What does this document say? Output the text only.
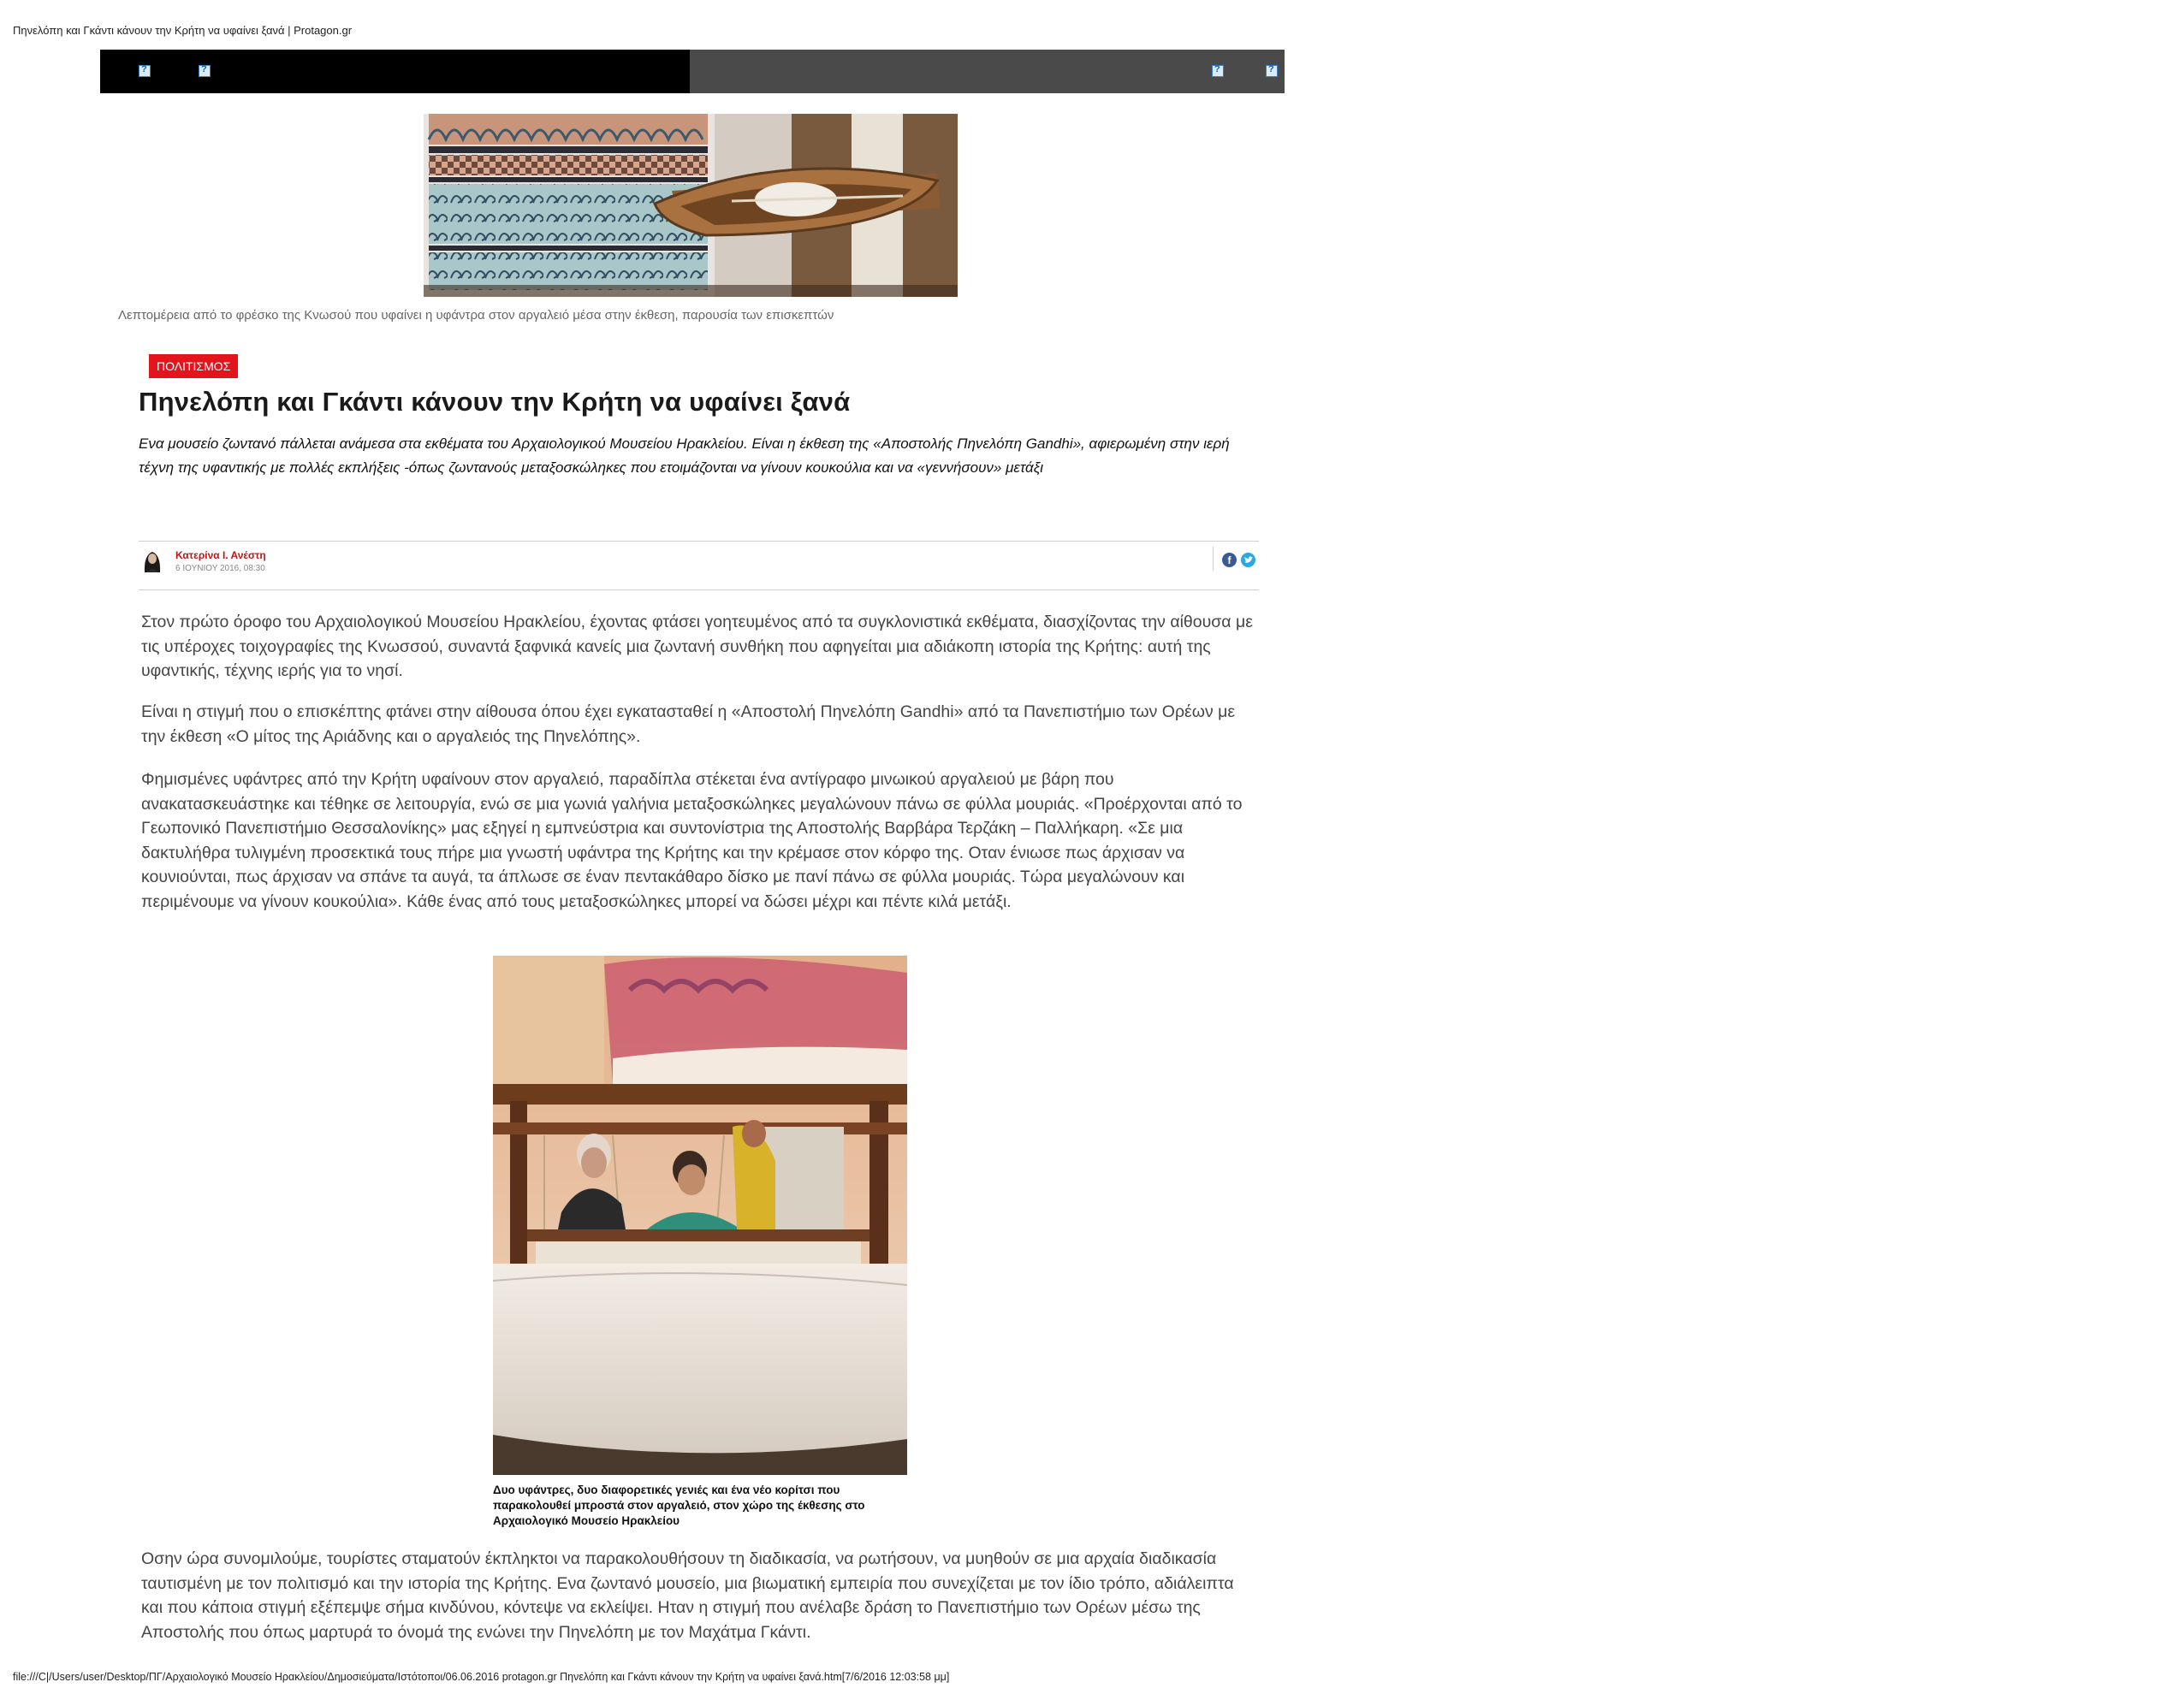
Πηνελόπη και Γκάντι κάνουν την Κρήτη να υφαίνει ξανά | Protagon.gr
?
?
?
?
Λεπτομέρεια από το φρέσκο της Κνωσού που υφαίνει η υφάντρα στον αργαλειό μέσα στην έκθεση, παρουσία των επισκεπτών
ΠΟΛΙΤΙΣΜΟΣ
Πηνελόπη και Γκάντι κάνουν την Κρήτη να υφαίνει ξανά
Ενα μουσείο ζωντανό πάλλεται ανάμεσα στα εκθέματα του Αρχαιολογικού Μουσείου Ηρακλείου. Είναι η έκθεση της «Αποστολής Πηνελόπη Gandhi», αφιερωμένη στην ιερή τέχνη της υφαντικής με πολλές εκπλήξεις -όπως ζωντανούς μεταξοσκώληκες που ετοιμάζονται να γίνουν κουκούλια και να «γεννήσουν» μετάξι
Κατερίνα Ι. Ανέστη
6 ΙΟΥΝΙΟΥ 2016, 08:30
f
Στον πρώτο όροφο του Αρχαιολογικού Μουσείου Ηρακλείου, έχοντας φτάσει γοητευμένος από τα συγκλονιστικά εκθέματα, διασχίζοντας την αίθουσα με τις υπέροχες τοιχογραφίες της Κνωσσού, συναντά ξαφνικά κανείς μια ζωντανή συνθήκη που αφηγείται μια αδιάκοπη ιστορία της Κρήτης: αυτή της υφαντικής, τέχνης ιερής για το νησί.
Είναι η στιγμή που ο επισκέπτης φτάνει στην αίθουσα όπου έχει εγκατασταθεί η «Αποστολή Πηνελόπη Gandhi» από τα Πανεπιστήμιο των Ορέων με την έκθεση «Ο μίτος της Αριάδνης και ο αργαλειός της Πηνελόπης».
Φημισμένες υφάντρες από την Κρήτη υφαίνουν στον αργαλειό, παραδίπλα στέκεται ένα αντίγραφο μινωικού αργαλειού με βάρη που ανακατασκευάστηκε και τέθηκε σε λειτουργία, ενώ σε μια γωνιά γαλήνια μεταξοσκώληκες μεγαλώνουν πάνω σε φύλλα μουριάς. «Προέρχονται από το Γεωπονικό Πανεπιστήμιο Θεσσαλονίκης» μας εξηγεί η εμπνεύστρια και συντονίστρια της Αποστολής Βαρβάρα Τερζάκη – Παλλήκαρη. «Σε μια δακτυλήθρα τυλιγμένη προσεκτικά τους πήρε μια γνωστή υφάντρα της Κρήτης και την κρέμασε στον κόρφο της. Οταν ένιωσε πως άρχισαν να κουνιούνται, πως άρχισαν να σπάνε τα αυγά, τα άπλωσε σε έναν πεντακάθαρο δίσκο με πανί πάνω σε φύλλα μουριάς. Τώρα μεγαλώνουν και περιμένουμε να γίνουν κουκούλια». Κάθε ένας από τους μεταξοσκώληκες μπορεί να δώσει μέχρι και πέντε κιλά μετάξι.
Δυο υφάντρες, δυο διαφορετικές γενιές και ένα νέο κορίτσι που παρακολουθεί μπροστά στον αργαλειό, στον χώρο της έκθεσης στο Αρχαιολογικό Μουσείο Ηρακλείου
Οσην ώρα συνομιλούμε, τουρίστες σταματούν έκπληκτοι να παρακολουθήσουν τη διαδικασία, να ρωτήσουν, να μυηθούν σε μια αρχαία διαδικασία ταυτισμένη με τον πολιτισμό και την ιστορία της Κρήτης. Ενα ζωντανό μουσείο, μια βιωματική εμπειρία που συνεχίζεται με τον ίδιο τρόπο, αδιάλειπτα και που κάποια στιγμή εξέπεμψε σήμα κινδύνου, κόντεψε να εκλείψει. Ηταν η στιγμή που ανέλαβε δράση το Πανεπιστήμιο των Ορέων μέσω της Αποστολής που όπως μαρτυρά το όνομά της ενώνει την Πηνελόπη με τον Μαχάτμα Γκάντι.
file:///C|/Users/user/Desktop/ΠΓ/Αρχαιολογικό Μουσείο Ηρακλείου/Δημοσιεύματα/Ιστότοποι/06.06.2016 protagon.gr Πηνελόπη και Γκάντι κάνουν την Κρήτη να υφαίνει ξανά.htm[7/6/2016 12:03:58 μμ]
